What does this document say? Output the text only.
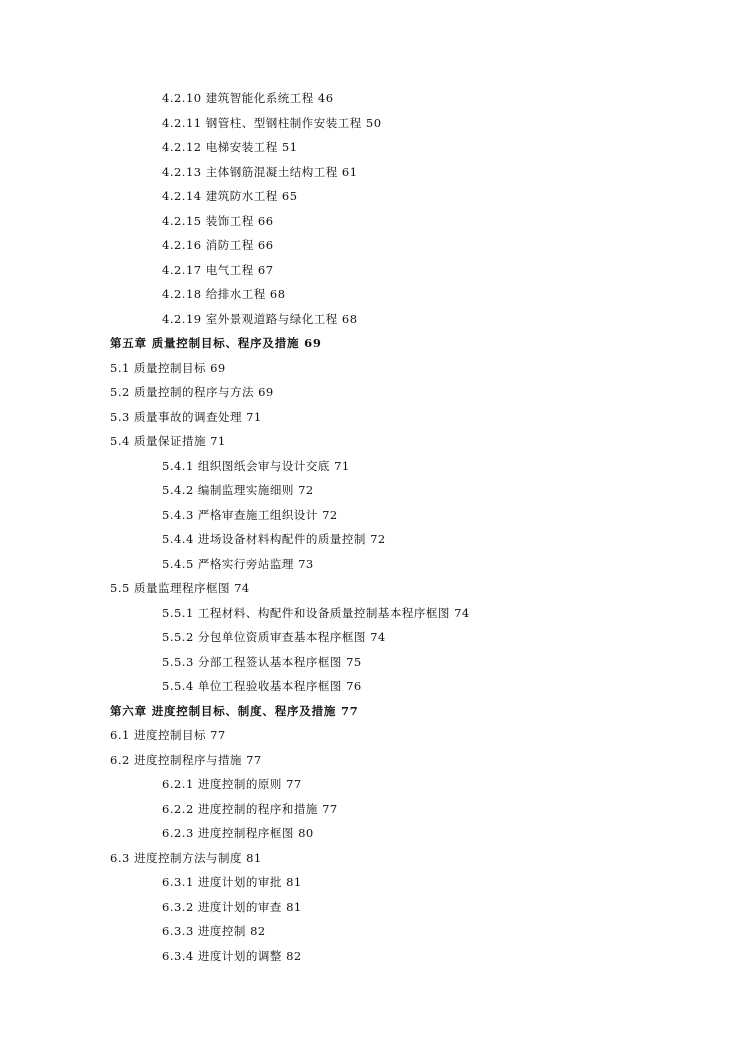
4.2.10 建筑智能化系统工程 46
4.2.11 钢管柱、型钢柱制作安装工程 50
4.2.12 电梯安装工程 51
4.2.13 主体钢筋混凝土结构工程 61
4.2.14 建筑防水工程 65
4.2.15 装饰工程 66
4.2.16 消防工程 66
4.2.17 电气工程 67
4.2.18 给排水工程 68
4.2.19 室外景观道路与绿化工程 68
第五章 质量控制目标、程序及措施 69
5.1 质量控制目标 69
5.2 质量控制的程序与方法 69
5.3 质量事故的调查处理 71
5.4 质量保证措施 71
5.4.1 组织图纸会审与设计交底 71
5.4.2 编制监理实施细则 72
5.4.3 严格审查施工组织设计 72
5.4.4 进场设备材料构配件的质量控制 72
5.4.5 严格实行旁站监理 73
5.5 质量监理程序框图 74
5.5.1 工程材料、构配件和设备质量控制基本程序框图 74
5.5.2 分包单位资质审查基本程序框图 74
5.5.3 分部工程签认基本程序框图 75
5.5.4 单位工程验收基本程序框图 76
第六章 进度控制目标、制度、程序及措施 77
6.1 进度控制目标 77
6.2 进度控制程序与措施 77
6.2.1 进度控制的原则 77
6.2.2 进度控制的程序和措施 77
6.2.3 进度控制程序框图 80
6.3 进度控制方法与制度 81
6.3.1 进度计划的审批 81
6.3.2 进度计划的审查 81
6.3.3 进度控制 82
6.3.4 进度计划的调整 82
